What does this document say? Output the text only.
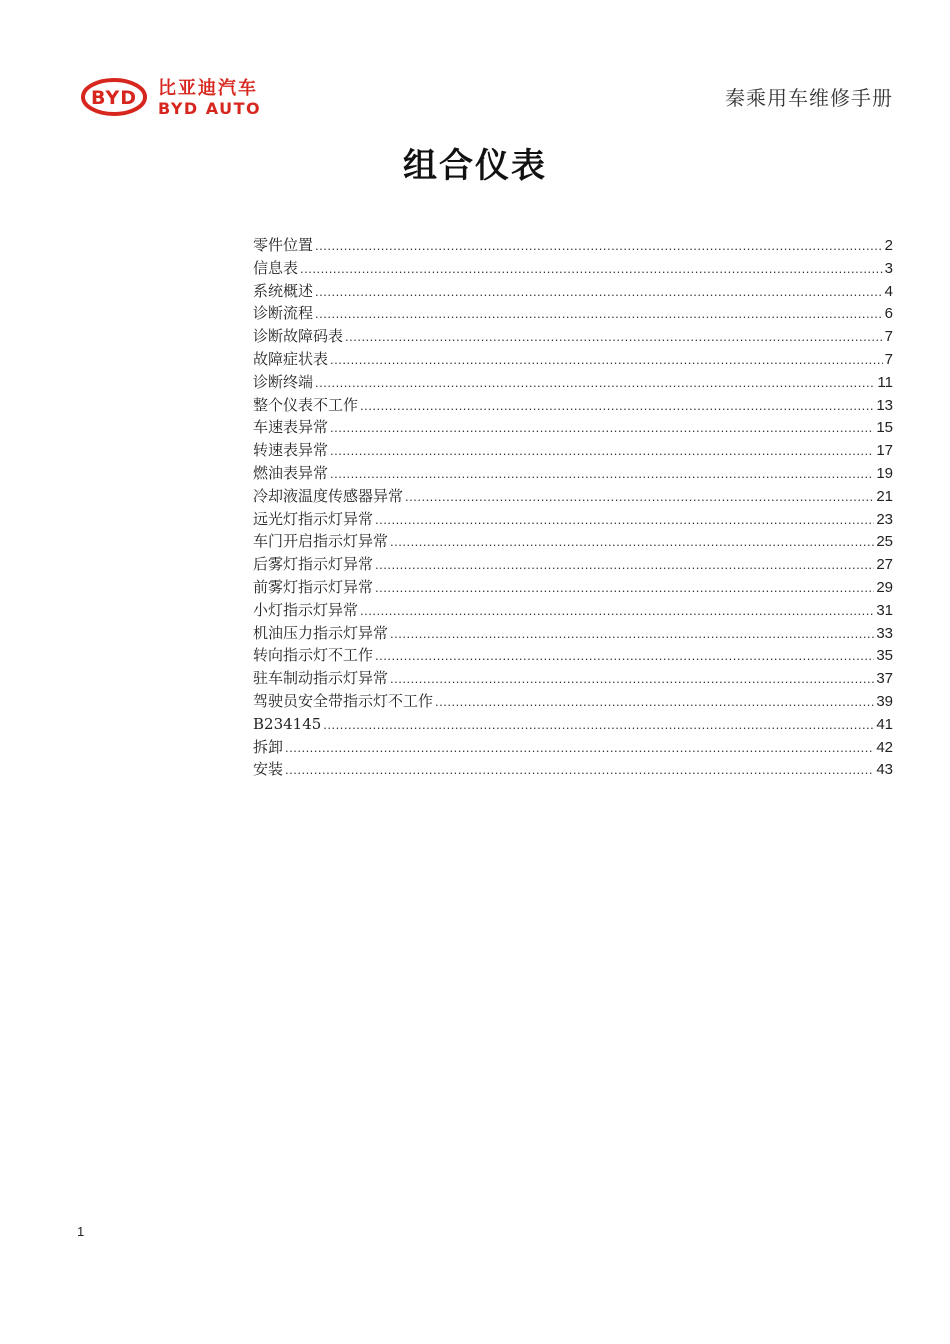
BYD 比亚迪汽车
BYD AUTO	秦乘用车维修手册
组合仪表
零件位置 .....	2
信息表 .....	3
系统概述 .....	4
诊断流程 .....	6
诊断故障码表 .....	7
故障症状表 .....	7
诊断终端 .....	11
整个仪表不工作 .....	13
车速表异常 .....	15
转速表异常 .....	17
燃油表异常 .....	19
冷却液温度传感器异常 .....	21
远光灯指示灯异常 .....	23
车门开启指示灯异常 .....	25
后雾灯指示灯异常 .....	27
前雾灯指示灯异常 .....	29
小灯指示灯异常 .....	31
机油压力指示灯异常 .....	33
转向指示灯不工作 .....	35
驻车制动指示灯异常 .....	37
驾驶员安全带指示灯不工作 .....	39
B234145 .....	41
拆卸 .....	42
安装 .....	43
1
